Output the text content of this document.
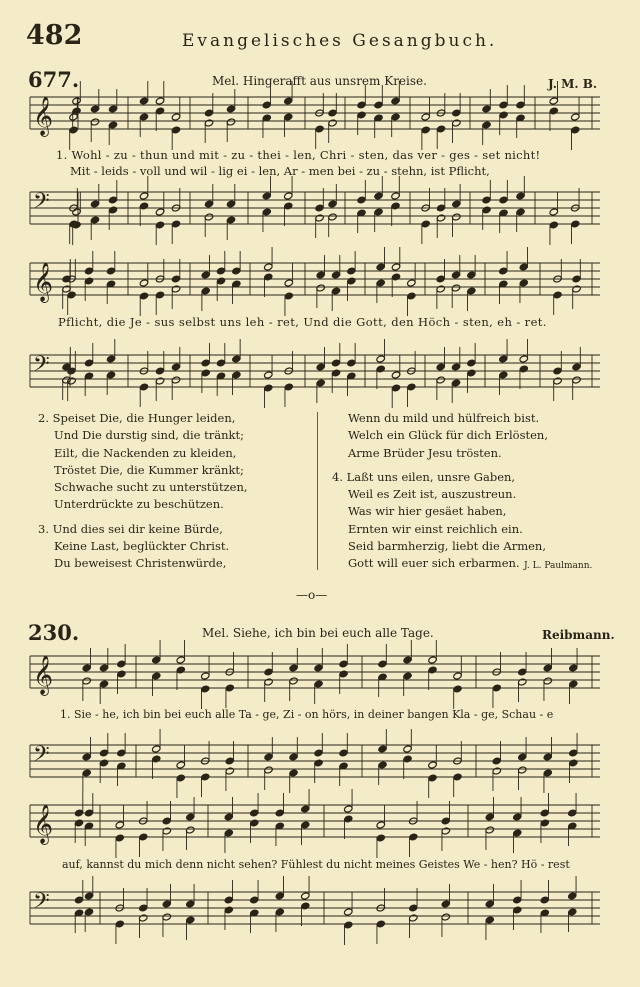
482	Evangelisches Gesangbuch.
677.	Mel. Hingerafft aus unsrem Kreise.	J. M. B.
𝄞
𝄢
𝄞
𝄢
𝄞
𝄢
𝄞
𝄢
1. Wohl - zu - thun und mit - zu - thei - len, Chri - sten, das ver - ges - set nicht!
Mit - leids - voll und wil - lig ei - len, Ar - men bei - zu - stehn, ist Pflicht,
Pflicht, die Je - sus selbst uns leh - ret, Und die Gott, den Höch - sten, eh - ret.
2. Speiset Die, die Hunger leiden,
Und Die durstig sind, die tränkt;
Eilt, die Nackenden zu kleiden,
Tröstet Die, die Kummer kränkt;
Schwache sucht zu unterstützen,
Unterdrückte zu beschützen.
3. Und dies sei dir keine Bürde,
Keine Last, beglückter Christ.
Du beweisest Christenwürde,
Wenn du mild und hülfreich bist.
Welch ein Glück für dich Erlösten,
Arme Brüder Jesu trösten.
4. Laßt uns eilen, unsre Gaben,
Weil es Zeit ist, auszustreun.
Was wir hier gesäet haben,
Ernten wir einst reichlich ein.
Seid barmherzig, liebt die Armen,
Gott will euer sich erbarmen. J. L. Paulmann.
—o—
230.	Mel. Siehe, ich bin bei euch alle Tage.	Reibmann.
1. Sie - he, ich bin bei euch alle Ta - ge, Zi - on hörs, in deiner bangen Kla - ge, Schau - e
auf, kannst du mich denn nicht sehen? Fühlest du nicht meines Geistes We - hen? Hö - rest
